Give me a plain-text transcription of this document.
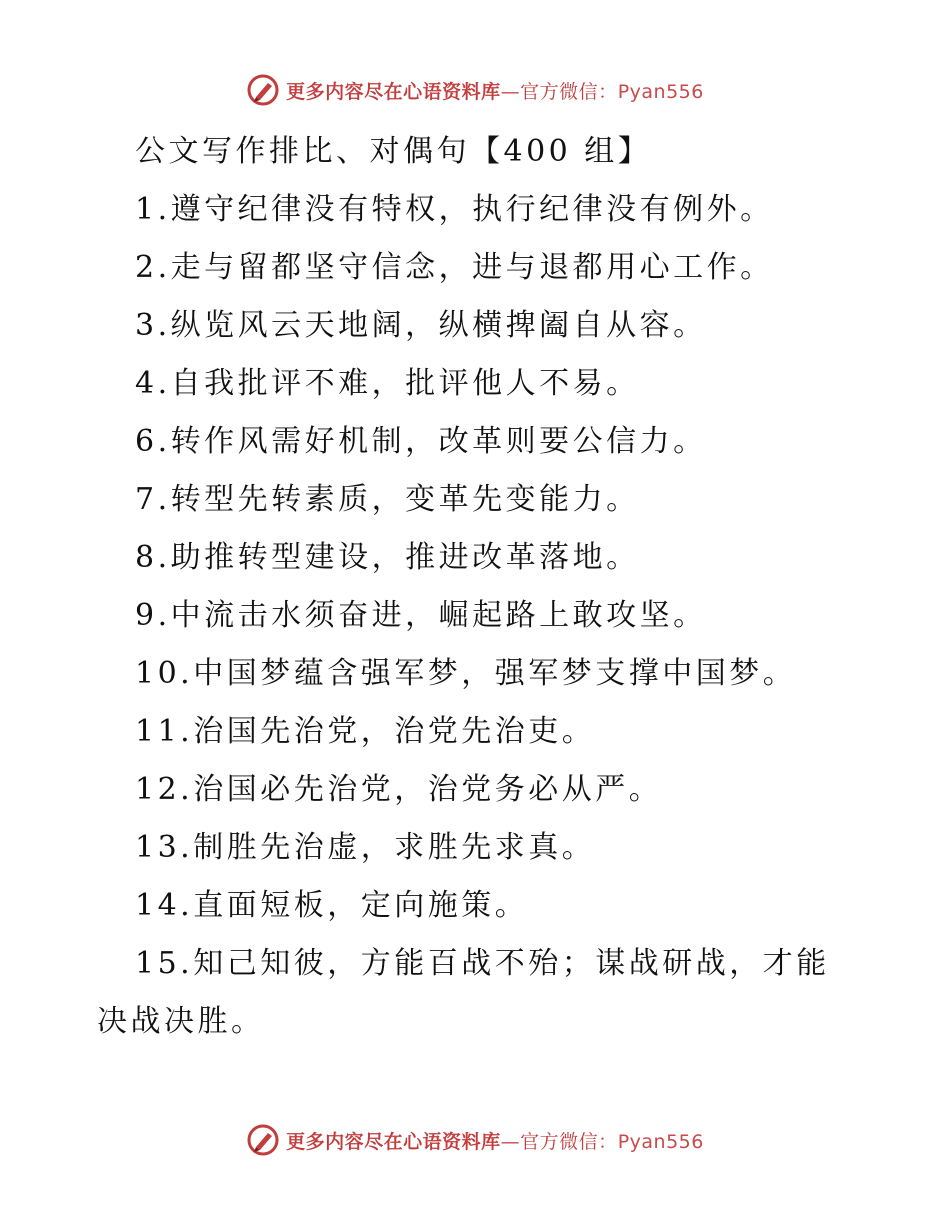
更多内容尽在心语资料库—官方微信：Pyan556
公文写作排比、对偶句【400 组】
1.遵守纪律没有特权，执行纪律没有例外。
2.走与留都坚守信念，进与退都用心工作。
3.纵览风云天地阔，纵横捭阖自从容。
4.自我批评不难，批评他人不易。
6.转作风需好机制，改革则要公信力。
7.转型先转素质，变革先变能力。
8.助推转型建设，推进改革落地。
9.中流击水须奋进，崛起路上敢攻坚。
10.中国梦蕴含强军梦，强军梦支撑中国梦。
11.治国先治党，治党先治吏。
12.治国必先治党，治党务必从严。
13.制胜先治虚，求胜先求真。
14.直面短板，定向施策。
15.知己知彼，方能百战不殆；谋战研战，才能
决战决胜。
更多内容尽在心语资料库—官方微信：Pyan556
